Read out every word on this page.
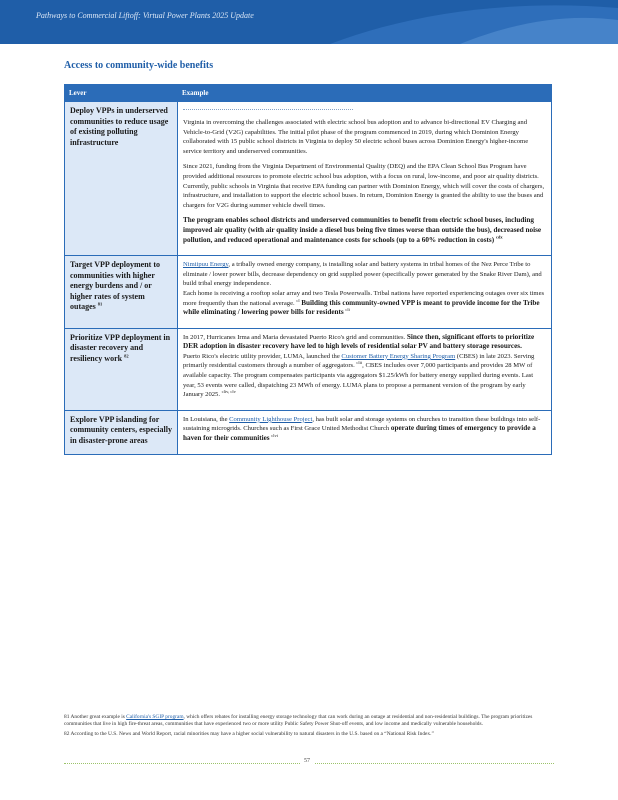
Pathways to Commercial Liftoff: Virtual Power Plants 2025 Update
Access to community-wide benefits
Lever	Example
Deploy VPPs in underserved communities to reduce usage of existing polluting infrastructure	Virginia in overcoming the challenges associated with electric school bus adoption and to advance bi-directional EV Charging and Vehicle-to-Grid (V2G) capabilities. The initial pilot phase of the program commenced in 2019, during which Dominion Energy collaborated with 15 public school districts in Virginia to deploy 50 electric school buses across Dominion Energy's higher-income service territory and underserved communities.

Since 2021, funding from the Virginia Department of Environmental Quality (DEQ) and the EPA Clean School Bus Program have provided additional resources to promote electric school bus adoption, with a focus on rural, low-income, and poor air quality districts. Currently, public schools in Virginia that receive EPA funding can partner with Dominion Energy, which will cover the costs of chargers, infrastructure, and installation to support the electric school buses. In return, Dominion Energy is granted the ability to use the buses and chargers for V2G during summer vehicle dwell times.

The program enables school districts and underserved communities to benefit from electric school buses, including improved air quality (with air quality inside a diesel bus being five times worse than outside the bus), decreased noise pollution, and reduced operational and maintenance costs for schools (up to a 60% reduction in costs) $^{cdx}$

Target VPP deployment to communities with higher energy burdens and / or higher rates of system outages $^{81}$	Nimiipuu Energy, a tribally owned energy company, is installing solar and battery systems in tribal homes of the Nez Perce Tribe to eliminate / lower power bills, decrease dependency on grid supplied power (specifically power generated by the Snake River Dam), and build tribal energy independence.

Each home is receiving a rooftop solar array and two Tesla Powerwalls. Tribal nations have reported experiencing outages over six times more frequently than the national average. $^{cl}$ Building this community-owned VPP is meant to provide income for the Tribe while eliminating / lowering power bills for residents $^{cli}$

Prioritize VPP deployment in disaster recovery and resiliency work $^{82}$	In 2017, Hurricanes Irma and Maria devastated Puerto Rico's grid and communities. Since then, significant efforts to prioritize DER adoption in disaster recovery have led to high levels of residential solar PV and battery storage resources.

Puerto Rico's electric utility provider, LUMA, launched the Customer Battery Energy Sharing Program (CBES) in late 2023. Serving primarily residential customers through a number of aggregators. $^{clii}$, CBES includes over 7,000 participants and provides 28 MW of available capacity. The program compensates participants via aggregators $1.25/kWh for battery energy supplied during events. Last year, 53 events were called, dispatching 23 MWh of energy. LUMA plans to propose a permanent version of the program by early January 2025. $^{cliv, clv}$

Explore VPP islanding for community centers, especially in disaster-prone areas	In Louisiana, the Community Lighthouse Project, has built solar and storage systems on churches to transition these buildings into self-sustaining microgrids. Churches such as First Grace United Methodist Church operate during times of emergency to provide a haven for their communities $^{clvi}$

81 Another great example is California's SGIP program, which offers rebates for installing energy storage technology that can work during an outage at residential and non-residential buildings. The program prioritizes communities that live in high fire-threat areas, communities that have experienced two or more utility Public Safety Power Shut-off events, and low income and medically vulnerable households.

82 According to the U.S. News and World Report, racial minorities may have a higher social vulnerability to natural disasters in the U.S. based on a “National Risk Index.”

57
